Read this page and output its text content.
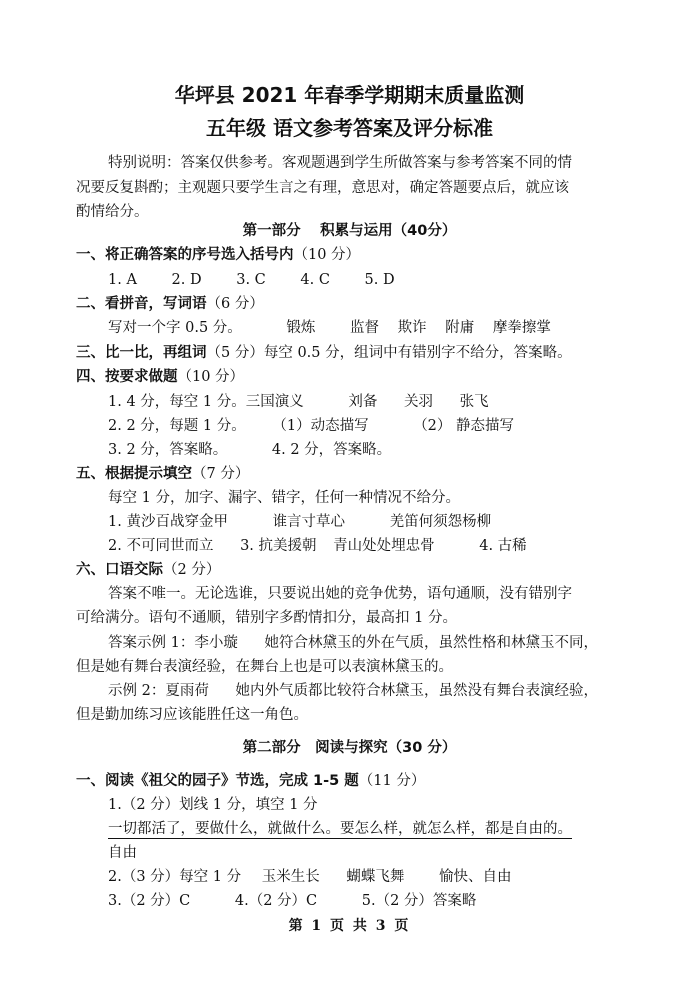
华坪县 2021 年春季学期期末质量监测
五年级 语文参考答案及评分标准
特别说明：答案仅供参考。客观题遇到学生所做答案与参考答案不同的情
况要反复斟酌；主观题只要学生言之有理，意思对，确定答题要点后，就应该
酌情给分。
第一部分　 积累与运用（40分）
一、将正确答案的序号选入括号内（10 分）
1. A 2. D 3. C 4. C 5. D
二、看拼音，写词语（6 分）
写对一个字 0.5 分。	锻炼 监督 欺诈 附庸 摩拳擦掌
三、比一比，再组词（5 分）每空 0.5 分，组词中有错别字不给分，答案略。
四、按要求做题（10 分）
1. 4 分，每空 1 分。三国演义	刘备 关羽 张飞
2. 2 分，每题 1 分。 （1）动态描写	（2） 静态描写
3. 2 分，答案略。	4. 2 分，答案略。
五、根据提示填空（7 分）
每空 1 分，加字、漏字、错字，任何一种情况不给分。
1. 黄沙百战穿金甲	谁言寸草心	羌笛何须怨杨柳
2. 不可同世而立 3. 抗美援朝 青山处处埋忠骨	4. 古稀
六、口语交际（2 分）
答案不唯一。无论选谁，只要说出她的竞争优势，语句通顺，没有错别字
可给满分。语句不通顺，错别字多酌情扣分，最高扣 1 分。
答案示例 1：李小璇 她符合林黛玉的外在气质，虽然性格和林黛玉不同，
但是她有舞台表演经验，在舞台上也是可以表演林黛玉的。
示例 2：夏雨荷 她内外气质都比较符合林黛玉，虽然没有舞台表演经验，
但是勤加练习应该能胜任这一角色。
第二部分　阅读与探究（30 分）
一、阅读《祖父的园子》节选，完成 1-5 题（11 分）
1.（2 分）划线 1 分，填空 1 分
一切都活了，要做什么，就做什么。要怎么样，就怎么样，都是自由的。
自由
2.（3 分）每空 1 分 玉米生长 蝴蝶飞舞 愉快、自由
3.（2 分）C	4.（2 分）C	5.（2 分）答案略
第 1 页 共 3 页
